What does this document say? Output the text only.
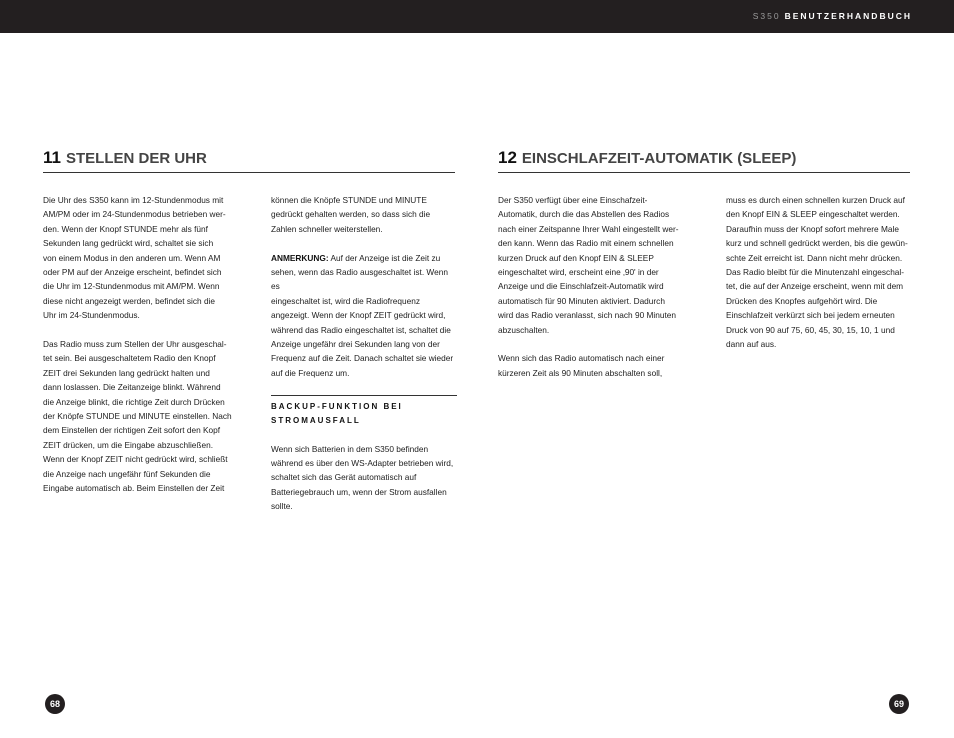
S350 BENUTZERHANDBUCH
11 STELLEN DER UHR	12 EINSCHLAFZEIT-AUTOMATIK (SLEEP)

Die Uhr des S350 kann im 12-Stundenmodus mit
AM/PM oder im 24-Stundenmodus betrieben wer-
den. Wenn der Knopf STUNDE mehr als fünf
Sekunden lang gedrückt wird, schaltet sie sich
von einem Modus in den anderen um. Wenn AM
oder PM auf der Anzeige erscheint, befindet sich
die Uhr im 12-Stundenmodus mit AM/PM. Wenn
diese nicht angezeigt werden, befindet sich die
Uhr im 24-Stundenmodus.

Das Radio muss zum Stellen der Uhr ausgeschal-
tet sein. Bei ausgeschaltetem Radio den Knopf
ZEIT drei Sekunden lang gedrückt halten und
dann loslassen. Die Zeitanzeige blinkt. Während
die Anzeige blinkt, die richtige Zeit durch Drücken
der Knöpfe STUNDE und MINUTE einstellen. Nach
dem Einstellen der richtigen Zeit sofort den Kopf
ZEIT drücken, um die Eingabe abzuschließen.
Wenn der Knopf ZEIT nicht gedrückt wird, schließt
die Anzeige nach ungefähr fünf Sekunden die
Eingabe automatisch ab. Beim Einstellen der Zeit

können die Knöpfe STUNDE und MINUTE
gedrückt gehalten werden, so dass sich die
Zahlen schneller weiterstellen.

ANMERKUNG: Auf der Anzeige ist die Zeit zu
sehen, wenn das Radio ausgeschaltet ist. Wenn es
eingeschaltet ist, wird die Radiofrequenz
angezeigt. Wenn der Knopf ZEIT gedrückt wird,
während das Radio eingeschaltet ist, schaltet die
Anzeige ungefähr drei Sekunden lang von der
Frequenz auf die Zeit. Danach schaltet sie wieder
auf die Frequenz um.

BACKUP-FUNKTION BEI
STROMAUSFALL

Wenn sich Batterien in dem S350 befinden
während es über den WS-Adapter betrieben wird,
schaltet sich das Gerät automatisch auf
Batteriegebrauch um, wenn der Strom ausfallen
sollte.

Der S350 verfügt über eine Einschafzeit-
Automatik, durch die das Abstellen des Radios
nach einer Zeitspanne Ihrer Wahl eingestellt wer-
den kann. Wenn das Radio mit einem schnellen
kurzen Druck auf den Knopf EIN & SLEEP
eingeschaltet wird, erscheint eine ‚90' in der
Anzeige und die Einschlafzeit-Automatik wird
automatisch für 90 Minuten aktiviert. Dadurch
wird das Radio veranlasst, sich nach 90 Minuten
abzuschalten.

Wenn sich das Radio automatisch nach einer
kürzeren Zeit als 90 Minuten abschalten soll,

muss es durch einen schnellen kurzen Druck auf
den Knopf EIN & SLEEP eingeschaltet werden.
Daraufhin muss der Knopf sofort mehrere Male
kurz und schnell gedrückt werden, bis die gewün-
schte Zeit erreicht ist. Dann nicht mehr drücken.
Das Radio bleibt für die Minutenzahl eingeschal-
tet, die auf der Anzeige erscheint, wenn mit dem
Drücken des Knopfes aufgehört wird. Die
Einschlafzeit verkürzt sich bei jedem erneuten
Druck von 90 auf 75, 60, 45, 30, 15, 10, 1 und
dann auf aus.

68	69
